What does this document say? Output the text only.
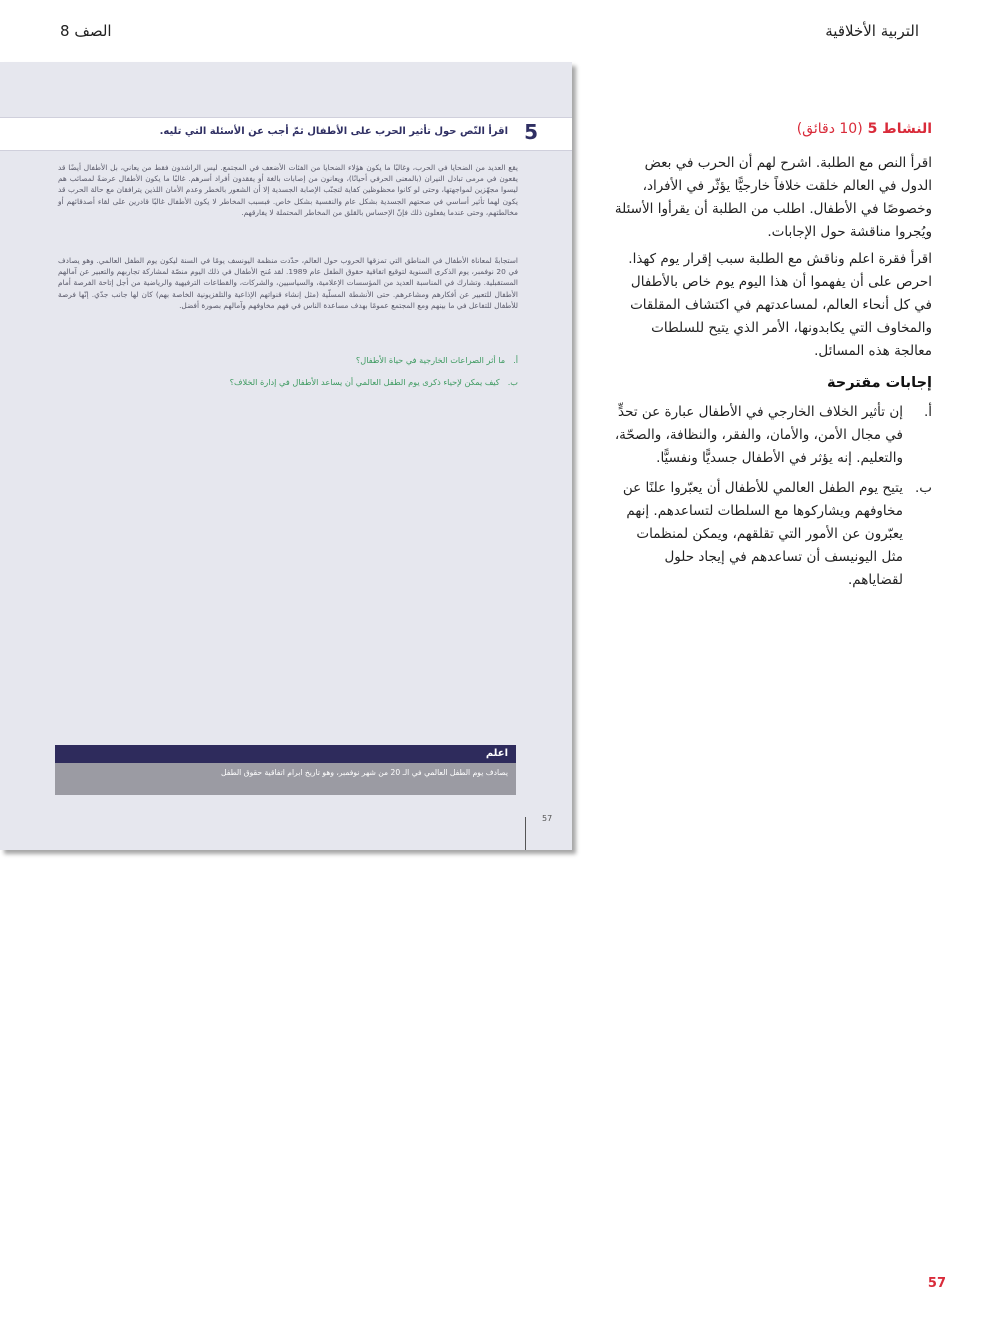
التربية الأخلاقية
الصف 8
5
اقرأ النّص حول تأثير الحرب على الأطفال ثمّ أجب عن الأسئلة التي تليه.

يقع العديد من الضحايا في الحرب، وغالبًا ما يكون هؤلاء الضحايا من الفئات الأضعف في المجتمع. ليس الراشدون فقط من يعاني، بل الأطفال أيضًا قد يقعون في مرمى تبادل النيران (بالمعنى الحرفي أحيانًا)، ويعانون من إصابات بالغة أو يفقدون أفراد أسرهم. غالبًا ما يكون الأطفال عرضةً لمصائب هم ليسوا مجهّزين لمواجهتها، وحتى لو كانوا محظوظين كفاية لتجنّب الإصابة الجسدية إلا أن الشعور بالخطر وعدم الأمان اللذين يترافقان مع حالة الحرب قد يكون لهما تأثير أساسي في صحتهم الجسدية بشكل عام والنفسية بشكل خاص. فبسبب المخاطر لا يكون الأطفال غالبًا قادرين على لقاء أصدقائهم أو مخالطتهم، وحتى عندما يفعلون ذلك فإنّ الإحساس بالقلق من المخاطر المحتملة لا يفارقهم.

استجابةً لمعاناة الأطفال في المناطق التي تمزقها الحروب حول العالم، حدّدت منظمة اليونسف يومًا في السنة ليكون يوم الطفل العالمي. وهو يصادف في 20 نوفمبر، يوم الذكرى السنوية لتوقيع اتفاقية حقوق الطفل عام 1989. لقد مُنح الأطفال في ذلك اليوم منصّة لمشاركة تجاربهم والتعبير عن آمالهم المستقبلية. وتشارك في المناسبة العديد من المؤسسات الإعلامية، والسياسيين، والشركات، والقطاعات الترفيهية والرياضية من أجل إتاحة الفرصة أمام الأطفال للتعبير عن أفكارهم ومشاعرهم. حتى الأنشطة المسلّية (مثل إنشاء قنواتهم الإذاعية والتلفزيونية الخاصة بهم) كان لها جانب جدّي. إنّها فرصة للأطفال للتفاعل في ما بينهم ومع المجتمع عمومًا بهدف مساعدة الناس في فهم مخاوفهم وآمالهم بصورة أفضل.

أ.
ما أثر الصراعات الخارجية في حياة الأطفال؟
ب.
كيف يمكن لإحياء ذكرى يوم الطفل العالمي أن يساعد الأطفال في إدارة الخلاف؟
اعلم
يصادف يوم الطفل العالمي في الـ 20 من شهر نوفمبر، وهو تاريخ ابرام اتفاقية حقوق الطفل
57
النشاط 5 (10 دقائق)

اقرأ النص مع الطلبة. اشرح لهم أن الحرب في بعض الدول في العالم خلقت خلافاً خارجيًّا يؤثّر في الأفراد، وخصوصًا في الأطفال. اطلب من الطلبة أن يقرأوا الأسئلة ويُجروا مناقشة حول الإجابات.

اقرأ فقرة اعلم وناقش مع الطلبة سبب إقرار يوم كهذا. احرص على أن يفهموا أن هذا اليوم يوم خاص بالأطفال في كل أنحاء العالم، لمساعدتهم في اكتشاف المقلقات والمخاوف التي يكابدونها، الأمر الذي يتيح للسلطات معالجة هذه المسائل.

إجابات مقترحة
أ.
إن تأثير الخلاف الخارجي في الأطفال عبارة عن تحدٍّ في مجال الأمن، والأمان، والفقر، والنظافة، والصحّة، والتعليم. إنه يؤثر في الأطفال جسديًّا ونفسيًّا.
ب.
يتيح يوم الطفل العالمي للأطفال أن يعبّروا علنًا عن مخاوفهم ويشاركوها مع السلطات لتساعدهم. إنهم يعبّرون عن الأمور التي تقلقهم، ويمكن لمنظمات مثل اليونيسف أن تساعدهم في إيجاد حلول لقضاياهم.
57
